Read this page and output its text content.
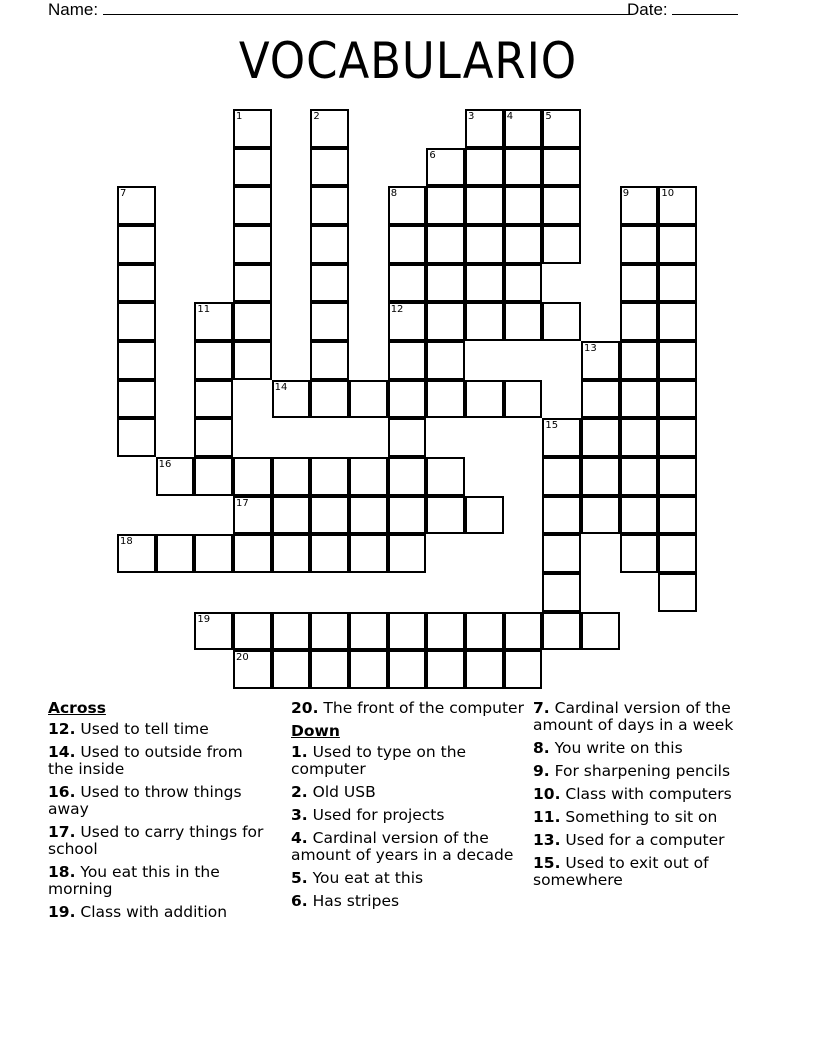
Name:	Date:
VOCABULARIO
1	2	3	4	5
6
7	8	9	10
11	12
13
14
15
16
17
18
19
20
Across
12. Used to tell time
14. Used to outside from the inside
16. Used to throw things away
17. Used to carry things for school
18. You eat this in the morning
19. Class with addition
20. The front of the computer
Down
1. Used to type on the computer
2. Old USB
3. Used for projects
4. Cardinal version of the amount of years in a decade
5. You eat at this
6. Has stripes
7. Cardinal version of the amount of days in a week
8. You write on this
9. For sharpening pencils
10. Class with computers
11. Something to sit on
13. Used for a computer
15. Used to exit out of somewhere
